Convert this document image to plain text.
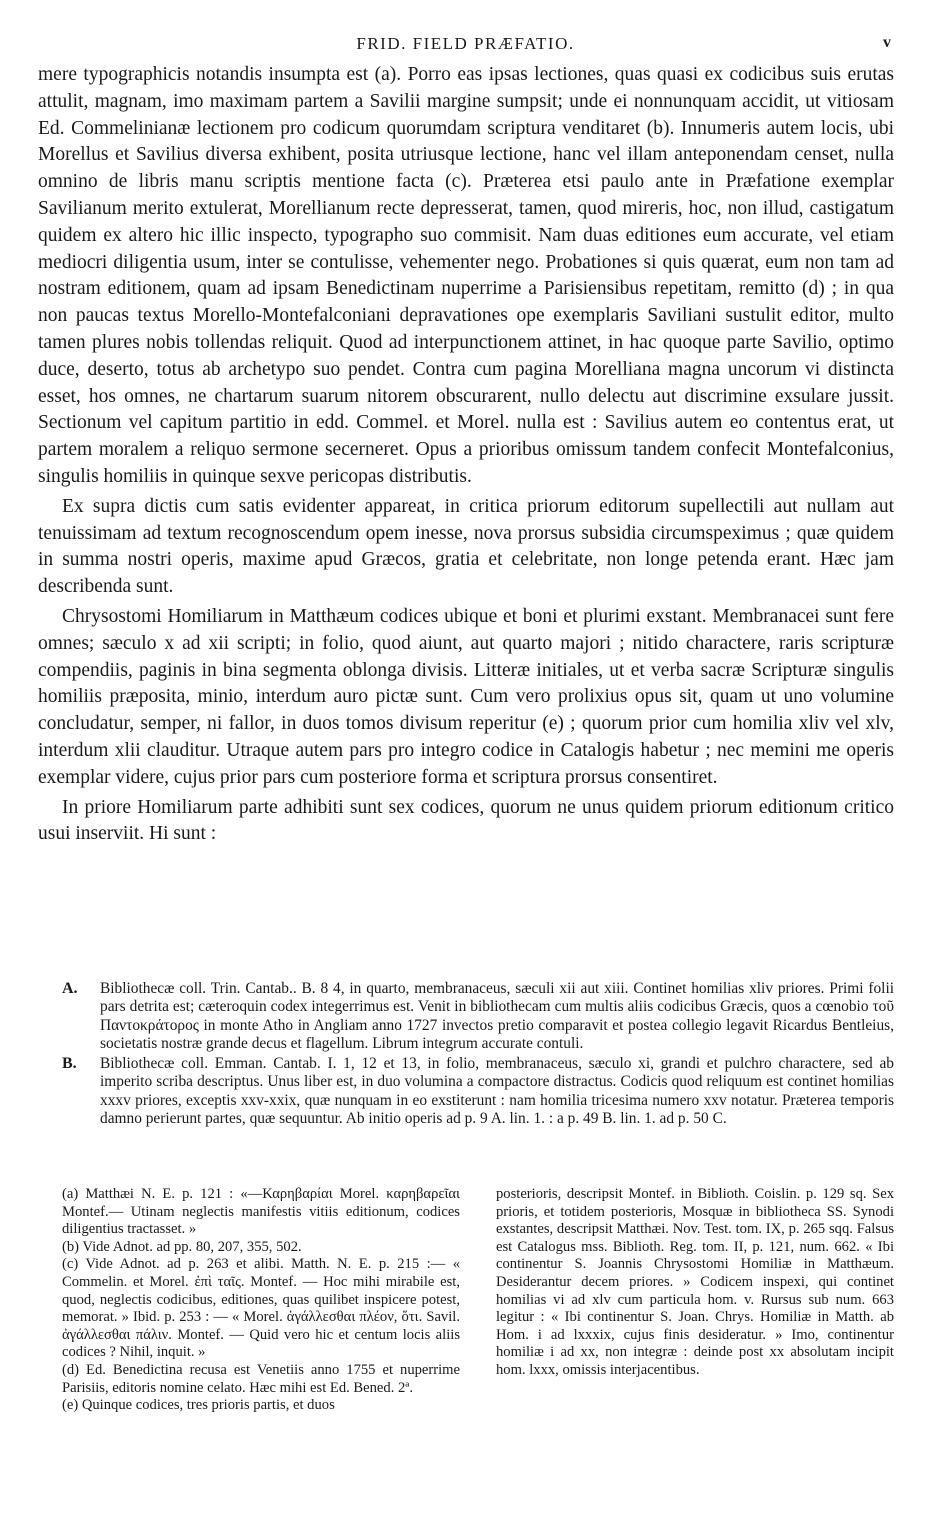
FRID. FIELD PRÆFATIO.	v

mere typographicis notandis insumpta est (a). Porro eas ipsas lectiones, quas quasi ex codicibus suis erutas attulit, magnam, imo maximam partem a Savilii margine sumpsit; unde ei nonnunquam accidit, ut vitiosam Ed. Commelinianæ lectionem pro codicum quorumdam scriptura venditaret (b). Innumeris autem locis, ubi Morellus et Savilius diversa exhibent, posita utriusque lectione, hanc vel illam anteponendam censet, nulla omnino de libris manu scriptis mentione facta (c). Præterea etsi paulo ante in Præfatione exemplar Savilianum merito extulerat, Morellianum recte depresserat, tamen, quod mireris, hoc, non illud, castigatum quidem ex altero hic illic inspecto, typographo suo commisit. Nam duas editiones eum accurate, vel etiam mediocri diligentia usum, inter se contulisse, vehementer nego. Probationes si quis quærat, eum non tam ad nostram editionem, quam ad ipsam Benedictinam nuperrime a Parisiensibus repetitam, remitto (d) ; in qua non paucas textus Morello-Montefalconiani depravationes ope exemplaris Saviliani sustulit editor, multo tamen plures nobis tollendas reliquit. Quod ad interpunctionem attinet, in hac quoque parte Savilio, optimo duce, deserto, totus ab archetypo suo pendet. Contra cum pagina Morelliana magna uncorum vi distincta esset, hos omnes, ne chartarum suarum nitorem obscurarent, nullo delectu aut discrimine exsulare jussit. Sectionum vel capitum partitio in edd. Commel. et Morel. nulla est : Savilius autem eo contentus erat, ut partem moralem a reliquo sermone secerneret. Opus a prioribus omissum tandem confecit Montefalconius, singulis homiliis in quinque sexve pericopas distributis.

Ex supra dictis cum satis evidenter appareat, in critica priorum editorum supellectili aut nullam aut tenuissimam ad textum recognoscendum opem inesse, nova prorsus subsidia circumspeximus ; quæ quidem in summa nostri operis, maxime apud Græcos, gratia et celebritate, non longe petenda erant. Hæc jam describenda sunt.

Chrysostomi Homiliarum in Matthæum codices ubique et boni et plurimi exstant. Membranacei sunt fere omnes; sæculo x ad xii scripti; in folio, quod aiunt, aut quarto majori ; nitido charactere, raris scripturæ compendiis, paginis in bina segmenta oblonga divisis. Litteræ initiales, ut et verba sacræ Scripturæ singulis homiliis præposita, minio, interdum auro pictæ sunt. Cum vero prolixius opus sit, quam ut uno volumine concludatur, semper, ni fallor, in duos tomos divisum reperitur (e) ; quorum prior cum homilia xliv vel xlv, interdum xlii clauditur. Utraque autem pars pro integro codice in Catalogis habetur ; nec memini me operis exemplar videre, cujus prior pars cum posteriore forma et scriptura prorsus consentiret.

In priore Homiliarum parte adhibiti sunt sex codices, quorum ne unus quidem priorum editionum critico usui inserviit. Hi sunt :

A.	Bibliothecæ coll. Trin. Cantab.. B. 8 4, in quarto, membranaceus, sæculi xii aut xiii. Continet homilias xliv priores. Primi folii pars detrita est; cæteroquin codex integerrimus est. Venit in bibliothecam cum multis aliis codicibus Græcis, quos a cœnobio τοῦ Παντοκράτορος in monte Atho in Angliam anno 1727 invectos pretio comparavit et postea collegio legavit Ricardus Bentleius, societatis nostræ grande decus et flagellum. Librum integrum accurate contuli.
B.	Bibliothecæ coll. Emman. Cantab. I. 1, 12 et 13, in folio, membranaceus, sæculo xi, grandi et pulchro charactere, sed ab imperito scriba descriptus. Unus liber est, in duo volumina a compactore distractus. Codicis quod reliquum est continet homilias xxxv priores, exceptis xxv-xxix, quæ nunquam in eo exstiterunt : nam homilia tricesima numero xxv notatur. Præterea temporis damno perierunt partes, quæ sequuntur. Ab initio operis ad p. 9 A. lin. 1. : a p. 49 B. lin. 1. ad p. 50 C.

(a) Matthæi N. E. p. 121 : «—Καρηβαρίαι Morel. καρηβαρεῖαι Montef.— Utinam neglectis manifestis vitiis editionum, codices diligentius tractasset. »

(b) Vide Adnot. ad pp. 80, 207, 355, 502.

(c) Vide Adnot. ad p. 263 et alibi. Matth. N. E. p. 215 :— « Commelin. et Morel. ἐπὶ ταῖς. Montef. — Hoc mihi mirabile est, quod, neglectis codicibus, editiones, quas quilibet inspicere potest, memorat. » Ibid. p. 253 : — « Morel. ἀγάλλεσθαι πλέον, ὅτι. Savil. ἀγάλλεσθαι πάλιν. Montef. — Quid vero hic et centum locis aliis codices ? Nihil, inquit. »

(d) Ed. Benedictina recusa est Venetiis anno 1755 et nuperrime Parisiis, editoris nomine celato. Hæc mihi est Ed. Bened. 2ª.

(e) Quinque codices, tres prioris partis, et duos

posterioris, descripsit Montef. in Biblioth. Coislin. p. 129 sq. Sex prioris, et totidem posterioris, Mosquæ in bibliotheca SS. Synodi exstantes, descripsit Matthæi. Nov. Test. tom. IX, p. 265 sqq. Falsus est Catalogus mss. Biblioth. Reg. tom. II, p. 121, num. 662. « Ibi continentur S. Joannis Chrysostomi Homiliæ in Matthæum. Desiderantur decem priores. » Codicem inspexi, qui continet homilias vi ad xlv cum particula hom. v. Rursus sub num. 663 legitur : « Ibi continentur S. Joan. Chrys. Homiliæ in Matth. ab Hom. i ad lxxxix, cujus finis desideratur. » Imo, continentur homiliæ i ad xx, non integræ : deinde post xx absolutam incipit hom. lxxx, omissis interjacentibus.
